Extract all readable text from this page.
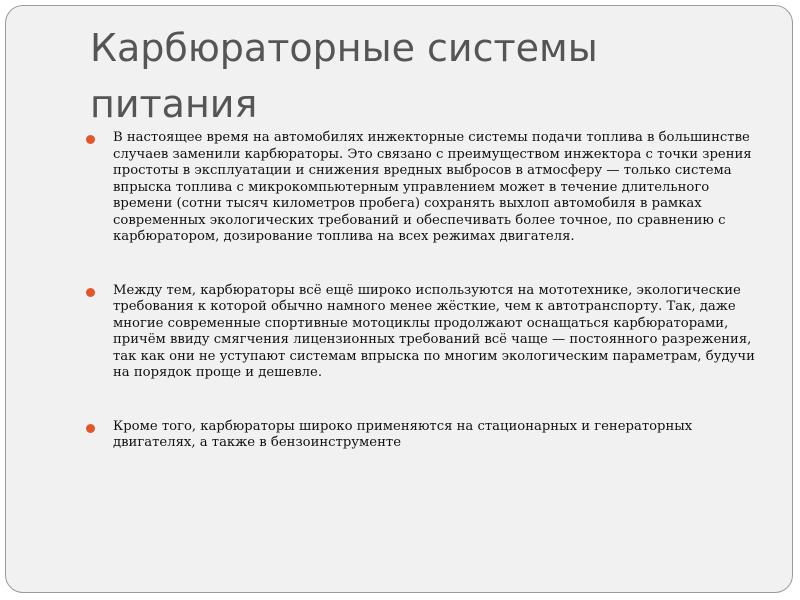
Карбюраторные системы питания
В настоящее время на автомобилях инжекторные системы подачи топлива в большинстве случаев заменили карбюраторы. Это связано с преимуществом инжектора с точки зрения простоты в эксплуатации и снижения вредных выбросов в атмосферу — только система впрыска топлива с микрокомпьютерным управлением может в течение длительного времени (сотни тысяч километров пробега) сохранять выхлоп автомобиля в рамках современных экологических требований и обеспечивать более точное, по сравнению с карбюратором, дозирование топлива на всех режимах двигателя.
Между тем, карбюраторы всё ещё широко используются на мототехнике, экологические требования к которой обычно намного менее жёсткие, чем к автотранспорту. Так, даже многие современные спортивные мотоциклы продолжают оснащаться карбюраторами, причём ввиду смягчения лицензионных требований всё чаще — постоянного разрежения, так как они не уступают системам впрыска по многим экологическим параметрам, будучи на порядок проще и дешевле.
Кроме того, карбюраторы широко применяются на стационарных и генераторных двигателях, а также в бензоинструменте
